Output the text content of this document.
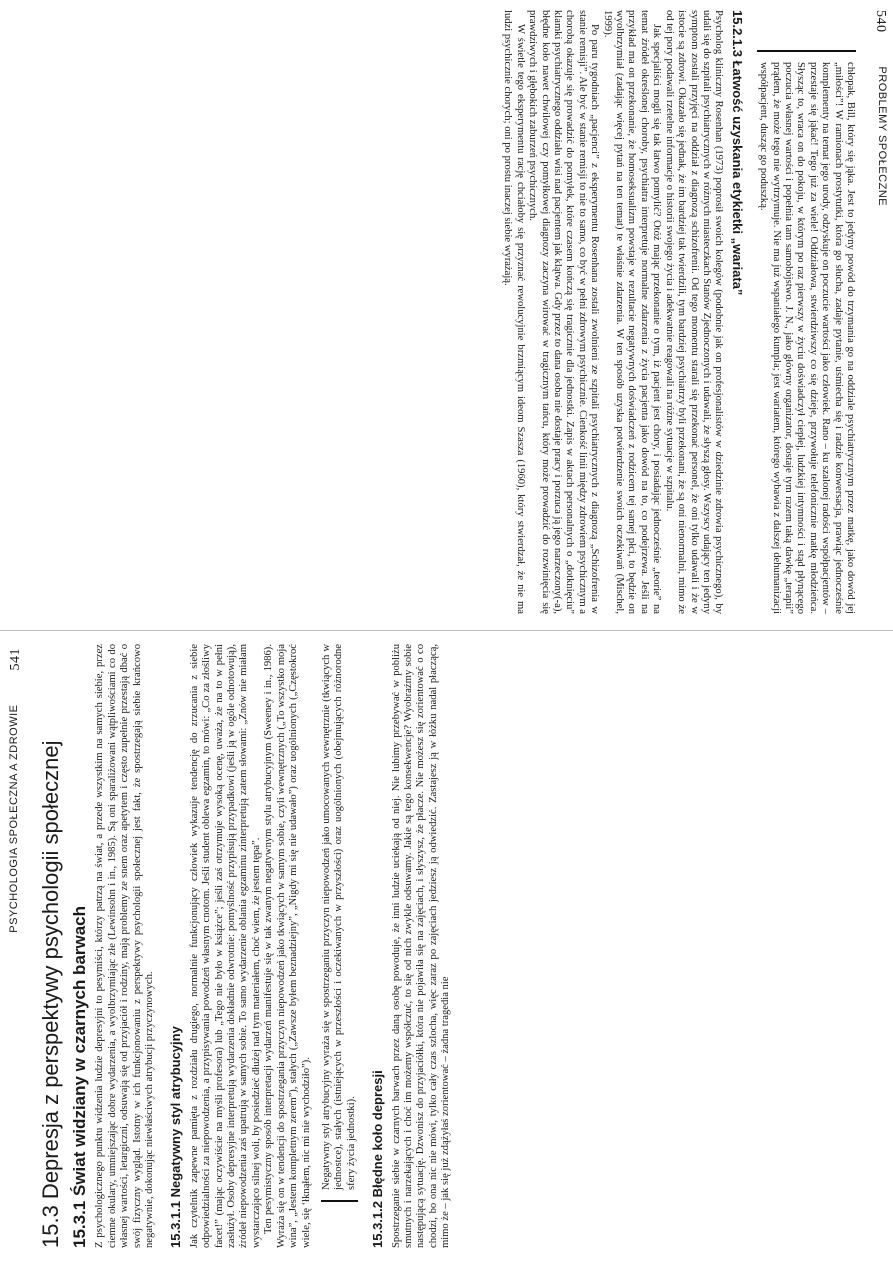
540
PROBLEMY SPOŁECZNE

chłopak, Bill, który się jąka. Jest to jedyny powód do trzymania go na oddziale psychiatrycznym przez matkę, jako dowód jej „miłości”! W ramionach prostytutki, która go słucha, zadaje pytanie, uśmiecha się i radzie konwersacja, prawiąc jednocześnie komplementy na temat jego urody, odzyskuje on poczucie wartości jako człowiek. Rano – ku szalonej radości współpacjentów – przestaje się jąkać! Tego już za wiele! Oddziałowa, stwierdziwszy co się dzieje, przywołuje telefonicznie matkę młodzieńca. Słysząc to, wraca on do pokoju, w którym po raz pierwszy w życiu doświadczył ciepłej, ludzkiej intymności i stąd płynącego poczucia własnej wartości i popełnia tam samobójstwo. J. N., jako główny organizator, dostaje tym razem taką dawkę „terapii” prądem, że może tego nie wytrzymuje. Nie ma już wspaniałego kumpla; jest wariatem, którego wybawia z dalszej dehumanizacji współpacjent, dusząc go poduszką.

15.2.1.3 Łatwość uzyskania etykietki „wariata”

Psycholog kliniczny Rosenhan (1973) poprosił swoich kolegów (podobnie jak on profesjonalistów w dziedzinie zdrowia psychicznego), by udali się do szpitali psychiatrycznych w różnych miasteczkach Stanów Zjednoczonych i udawali, że słyszą głosy. Wszyscy udający ten jedyny symptom zostali przyjęci na oddział z diagnozą schizofrenii. Od tego momentu starali się przekonać personel, że oni tylko udawali i że w istocie są zdrowi. Okazało się jednak, że im bardziej tak twierdzili, tym bardziej psychiatrzy byli przekonani, że są oni nienormalni, mimo że od tej pory podawali rzetelne informacje o historii swojego życia i adekwatnie reagowali na różne sytuacje w szpitalu.

Jak specjaliści mogli się tak łatwo pomylić? Otóż mając przekonanie o tym, iż pacjent jest chory, i posiadając jednocześnie „teorie” na temat źródeł określonej choroby, psychiatra interpretuje normalne zdarzenia z życia pacjenta jako dowód na to, co podejrzewa. Jeśli na przykład ma on przekonanie, że homoseksualizm powstaje w rezultacie negatywnych doświadczeń z rodzicem tej samej płci, to będzie on wyolbrzymiał (zadając więcej pytań na ten temat) te właśnie zdarzenia. W ten sposób uzyska potwierdzenie swoich oczekiwań (Mischel, 1999).

Po paru tygodniach „pacjenci” z eksperymentu Rosenhana zostali zwolnieni ze szpitali psychiatrycznych z diagnozą „Schizofrenia w stanie remisji”. Ale być w stanie remisji to nie to samo, co być w pełni zdrowym psychicznie. Cienkość linii między zdrowiem psychicznym a chorobą okazuje się prowadzić do pomyłek, które czasem kończą się tragicznie dla jednostki. Zapis w aktach personalnych o „dotknięciu” klamki psychiatrycznego oddziału wisi nad pacjentem jak klątwa. Gdy przez to dana osoba nie dostaje pracy i porzuca ją jego narzeczony(-a), błędne koło nawet chwilowej czy pomyłkowej diagnozy zaczyna wirować w tragicznym tańcu, który może prowadzić do rozwinięcia się prawdziwych i głębokich zaburzeń psychicznych.

W świetle tego eksperymentu rację chciałoby się przyznać rewolucyjnie brzmiącym ideom Szasza (1960), który stwierdzał, że nie ma ludzi psychicznie chorych; oni po prostu inaczej siebie wyrażają.

PSYCHOLOGIA SPOŁECZNA A ZDROWIE
541
15.3 Depresja z perspektywy psychologii społecznej 15.3.1 Świat widziany w czarnych barwach Z psychologicznego punktu widzenia ludzie depresyjni to pesymiści, którzy patrzą na świat, a przede wszystkim na samych siebie, przez ciemne okulary, umniejszając dobre wydarzenia, a wyolbrzymiając złe (Lewinsohn i in., 1985). Są oni sparaliżowani wątpliwościami co do własnej wartości, letargiczni, odsuwają się od przyjaciół i rodziny, mają problemy ze snem oraz apetytem i często zupełnie przestają dbać o swój fizyczny wygląd. Istotny w ich funkcjonowaniu z perspektywy psychologii społecznej jest fakt, że spostrzegają siebie krańcowo negatywnie, dokonując niewłaściwych atrybucji przyczynowych. 15.3.1.1 Negatywny styl atrybucyjny Jak czytelnik zapewne pamięta z rozdziału drugiego, normalnie funkcjonujący człowiek wykazuje tendencję do zrzucania z siebie odpowiedzialności za niepowodzenia, a przypisywania powodzeń własnym cnotom. Jeśli student oblewa egzamin, to mówi: „Co za złośliwy facet!” (mając oczywiście na myśli profesora) lub „Tego nie było w książce”; jeśli zaś otrzymuje wysoką ocenę, uważa, że na to w pełni zasłużył. Osoby depresyjne interpretują wydarzenia dokładnie odwrotnie: pomyślność przypisują przypadkowi (jeśli ją w ogóle odnotowują), źródeł niepowodzenia zaś upatrują w samych sobie. To samo wydarzenie oblania egzaminu zinterpretują zatem słowami: „Znów nie miałam wystarczająco silnej woli, by posiedzieć dłużej nad tym materiałem, choć wiem, że jestem tępa”. Ten pesymistyczny sposób interpretacji wydarzeń manifestuje się w tak zwanym negatywnym stylu atrybucyjnym (Sweeney i in., 1986). Wyraża się on w tendencji do spostrzegania przyczyn niepowodzeń jako tkwiących w samym sobie, czyli wewnętrznych („To wszystko moja wina”, „Jestem kompletnym zerem”), stałych („Zawsze byłem beznadziejny”, „Nigdy mi się nie udawało”) oraz uogólnionych („Częstokroć wiele, się ‘łknąłem, nic mi nie wychodziło”). Negatywny styl atrybucyjny wyraża się w spostrzeganiu przyczyn niepowodzeń jako umocowanych wewnętrznie (tkwiących w jednostce), stałych (istniejących w przeszłości i oczekiwanych w przyszłości) oraz uogólnionych (obejmujących różnorodne sfery życia jednostki). 15.3.1.2 Błędne koło depresji Spostrzeganie siebie w czarnych barwach przez daną osobę powoduje, że inni ludzie uciekają od niej. Nie lubimy przebywać w pobliżu smutnych i narzekających i choć im możemy współczuć, to się od nich zwykle odsuwamy. Jakie są tego konsekwencje? Wyobraźmy sobie następującą sytuację. Dzwonisz do przyjaciółki, która nie pojawiła się na zajęciach, i słyszysz, że płacze. Nie możesz się zorientować o co chodzi, bo ona nic nie mówi, tylko cały czas szlocha, więc zaraz po zajęciach jedziesz ją odwiedzić. Zastajesz ją w łóżku nadal płaczącą, mimo że – jak się już zdążyłaś zorientować – żadna tragedia nie
